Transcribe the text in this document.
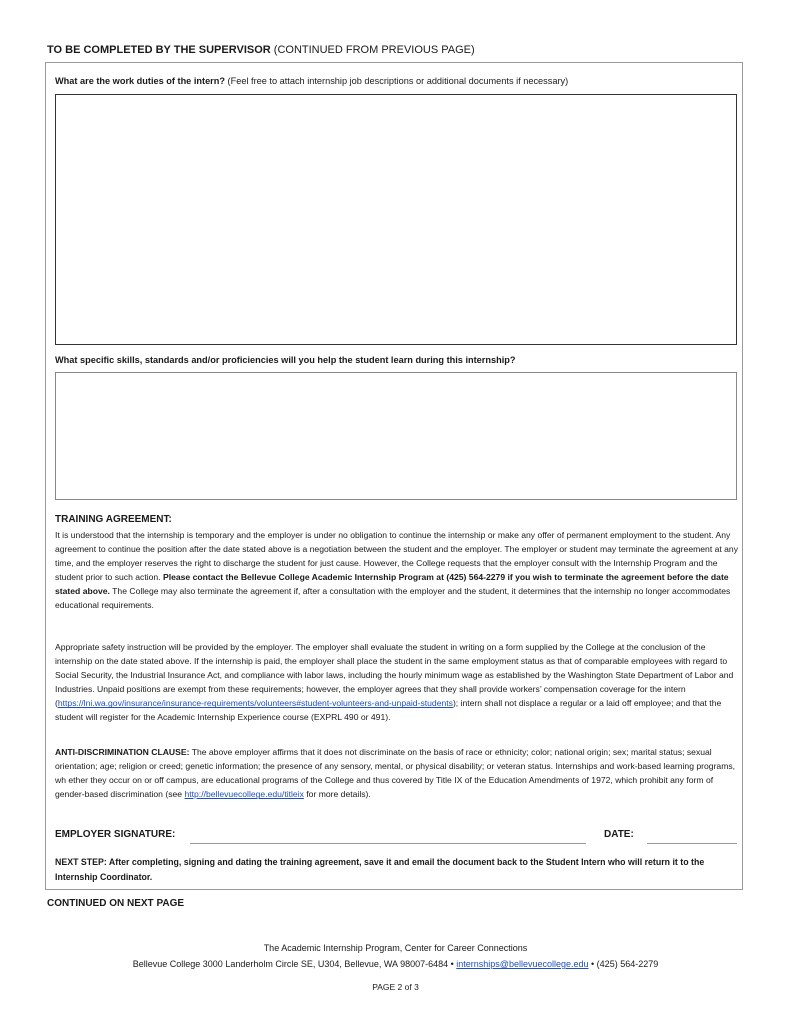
TO BE COMPLETED BY THE SUPERVISOR (CONTINUED FROM PREVIOUS PAGE)
What are the work duties of the intern? (Feel free to attach internship job descriptions or additional documents if necessary)
What specific skills, standards and/or proficiencies will you help the student learn during this internship?
TRAINING AGREEMENT:
It is understood that the internship is temporary and the employer is under no obligation to continue the internship or make any offer of permanent employment to the student. Any agreement to continue the position after the date stated above is a negotiation between the student and the employer. The employer or student may terminate the agreement at any time, and the employer reserves the right to discharge the student for just cause. However, the College requests that the employer consult with the Internship Program and the student prior to such action. Please contact the Bellevue College Academic Internship Program at (425) 564-2279 if you wish to terminate the agreement before the date stated above. The College may also terminate the agreement if, after a consultation with the employer and the student, it determines that the internship no longer accommodates educational requirements.
Appropriate safety instruction will be provided by the employer. The employer shall evaluate the student in writing on a form supplied by the College at the conclusion of the internship on the date stated above. If the internship is paid, the employer shall place the student in the same employment status as that of comparable employees with regard to Social Security, the Industrial Insurance Act, and compliance with labor laws, including the hourly minimum wage as established by the Washington State Department of Labor and Industries. Unpaid positions are exempt from these requirements; however, the employer agrees that they shall provide workers’ compensation coverage for the intern (https://lni.wa.gov/insurance/insurance-requirements/volunteers#student-volunteers-and-unpaid-students); intern shall not displace a regular or a laid off employee; and that the student will register for the Academic Internship Experience course (EXPRL 490 or 491).
ANTI-DISCRIMINATION CLAUSE: The above employer affirms that it does not discriminate on the basis of race or ethnicity; color; national origin; sex; marital status; sexual orientation; age; religion or creed; genetic information; the presence of any sensory, mental, or physical disability; or veteran status. Internships and work-based learning programs, wh ether they occur on or off campus, are educational programs of the College and thus covered by Title IX of the Education Amendments of 1972, which prohibit any form of gender-based discrimination (see http://bellevuecollege.edu/titleix for more details).
EMPLOYER SIGNATURE:	DATE:
NEXT STEP: After completing, signing and dating the training agreement, save it and email the document back to the Student Intern who will return it to the Internship Coordinator.
CONTINUED ON NEXT PAGE
The Academic Internship Program, Center for Career Connections
Bellevue College 3000 Landerholm Circle SE, U304, Bellevue, WA 98007-6484 • internships@bellevuecollege.edu • (425) 564-2279
PAGE 2 of 3
